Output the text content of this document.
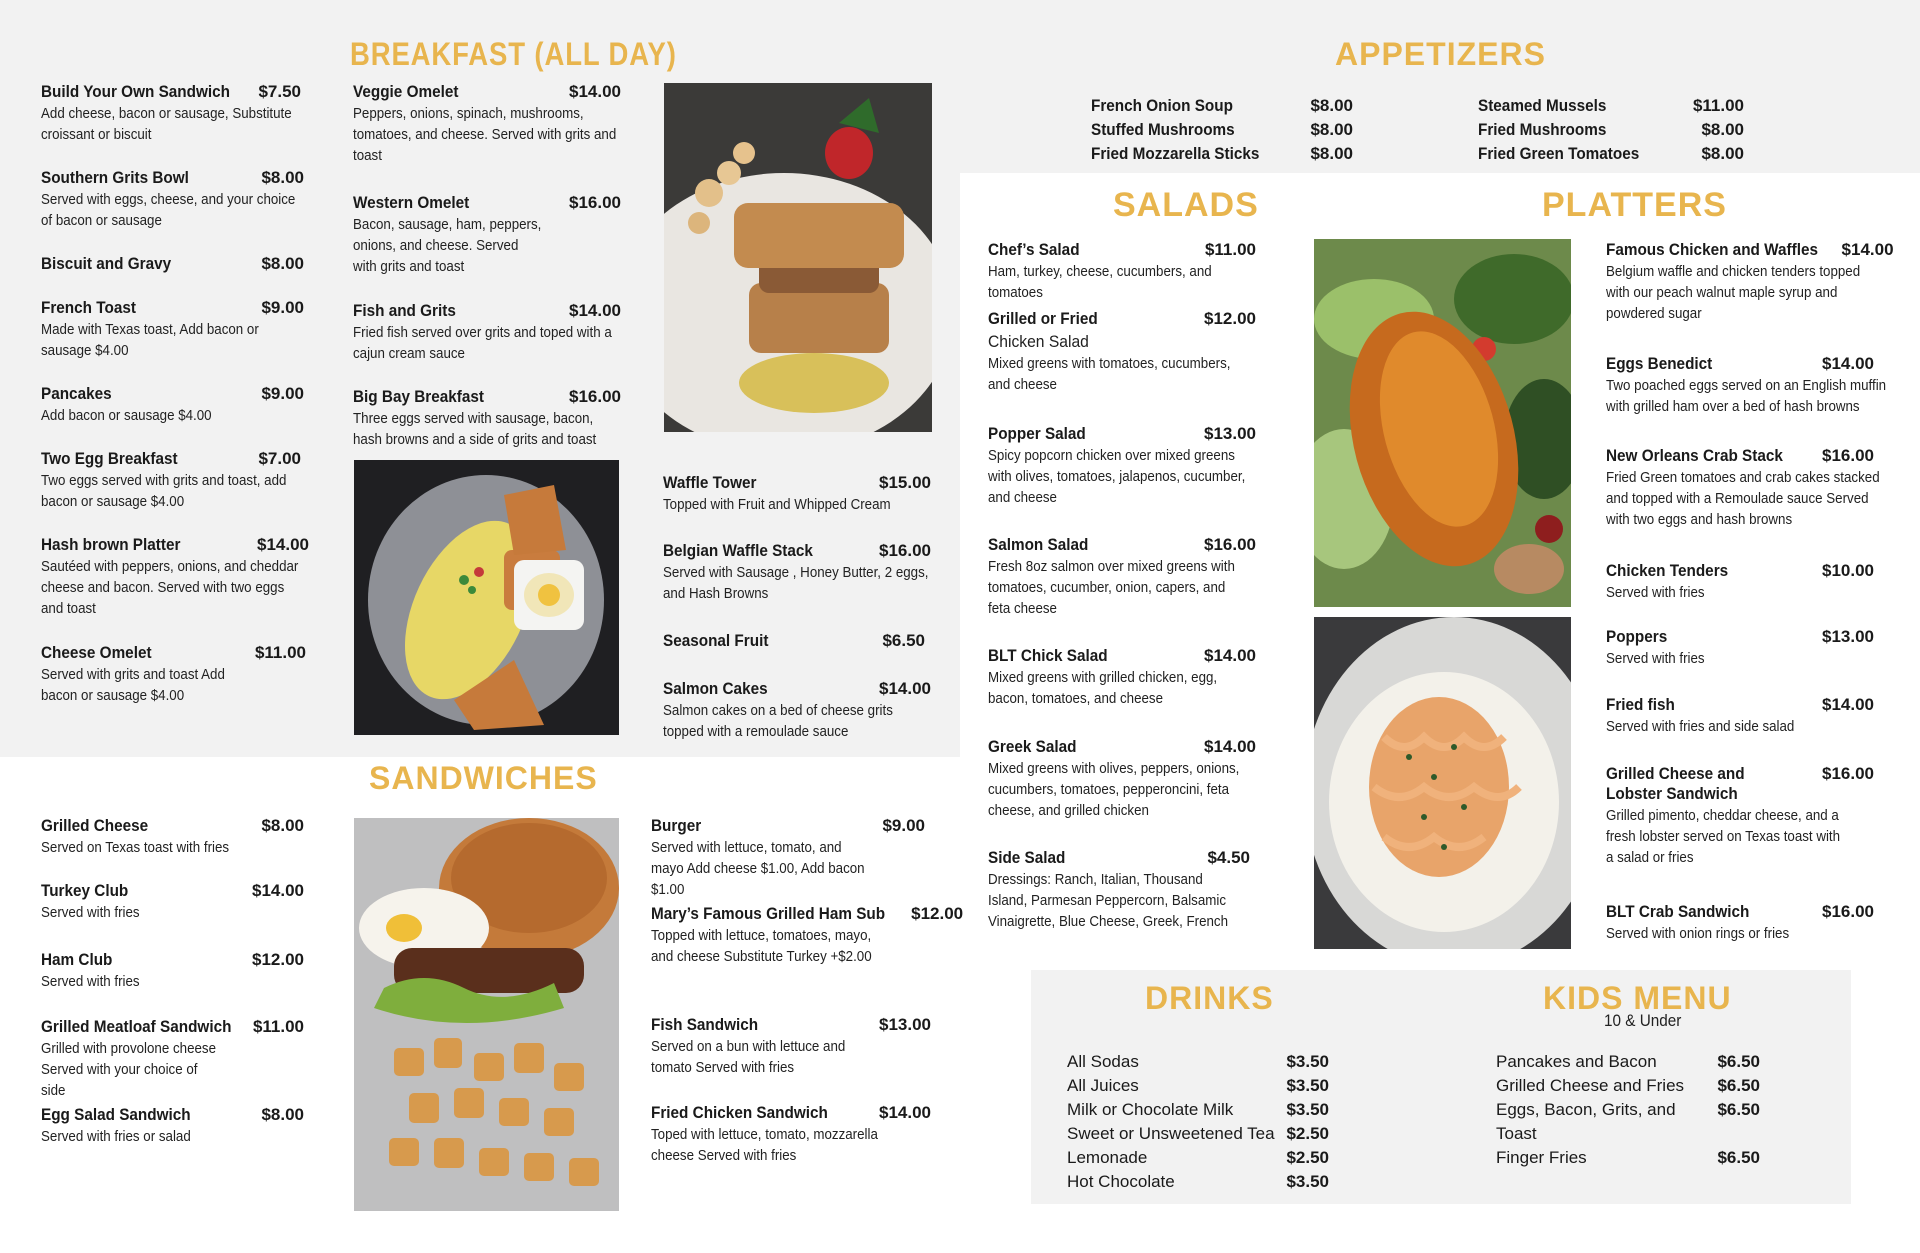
BREAKFAST (ALL DAY)
SANDWICHES
APPETIZERS
SALADS	PLATTERS
DRINKS	KIDS MENU
10 & Under
Build Your Own Sandwich $7.50
Add cheese, bacon or sausage, Substitute croissant or biscuit
Southern Grits Bowl	$8.00
Served with eggs, cheese, and your choice of bacon or sausage
Biscuit and Gravy	$8.00
French Toast	$9.00
Made with Texas toast, Add bacon or sausage $4.00
Pancakes	$9.00
Add bacon or sausage $4.00
Two Egg Breakfast	$7.00
Two eggs served with grits and toast, add bacon or sausage $4.00
Hash brown Platter	$14.00
Sautéed with peppers, onions, and cheddar cheese and bacon. Served with two eggs and toast
Cheese Omelet	$11.00
Served with grits and toast Add bacon or sausage $4.00
Veggie Omelet	$14.00
Peppers, onions, spinach, mushrooms, tomatoes, and cheese. Served with grits and toast
Western Omelet	$16.00
Bacon, sausage, ham, peppers, onions, and cheese. Served with grits and toast
Fish and Grits	$14.00
Fried fish served over grits and toped with a cajun cream sauce
Big Bay Breakfast	$16.00
Three eggs served with sausage, bacon, hash browns and a side of grits and toast
Waffle Tower	$15.00
Topped with Fruit and Whipped Cream
Belgian Waffle Stack	$16.00
Served with Sausage , Honey Butter, 2 eggs, and Hash Browns
Seasonal Fruit	$6.50
Salmon Cakes	$14.00
Salmon cakes on a bed of cheese grits topped with a remoulade sauce
Grilled Cheese	$8.00
Served on Texas toast with fries
Turkey Club	$14.00
Served with fries
Ham Club	$12.00
Served with fries
Grilled Meatloaf Sandwich $11.00
Grilled with provolone cheese Served with your choice of side
Egg Salad Sandwich	$8.00
Served with fries or salad
Burger	$9.00
Served with lettuce, tomato, and mayo Add cheese $1.00, Add bacon $1.00
Mary’s Famous Grilled Ham Sub $12.00
Topped with lettuce, tomatoes, mayo, and cheese Substitute Turkey +$2.00
Fish Sandwich	$13.00
Served on a bun with lettuce and tomato Served with fries
Fried Chicken Sandwich	$14.00
Toped with lettuce, tomato, mozzarella cheese Served with fries
French Onion Soup	$8.00
Stuffed Mushrooms	$8.00
Fried Mozzarella Sticks	$8.00
Steamed Mussels	$11.00
Fried Mushrooms	$8.00
Fried Green Tomatoes	$8.00
Chef’s Salad	$11.00
Ham, turkey, cheese, cucumbers, and tomatoes
Grilled or Fried	$12.00
Chicken Salad
Mixed greens with tomatoes, cucumbers, and cheese
Popper Salad	$13.00
Spicy popcorn chicken over mixed greens with olives, tomatoes, jalapenos, cucumber, and cheese
Salmon Salad	$16.00
Fresh 8oz salmon over mixed greens with tomatoes, cucumber, onion, capers, and feta cheese
BLT Chick Salad	$14.00
Mixed greens with grilled chicken, egg, bacon, tomatoes, and cheese
Greek Salad	$14.00
Mixed greens with olives, peppers, onions, cucumbers, tomatoes, pepperoncini, feta cheese, and grilled chicken
Side Salad	$4.50
Dressings: Ranch, Italian, Thousand Island, Parmesan Peppercorn, Balsamic Vinaigrette, Blue Cheese, Greek, French
Famous Chicken and Waffles $14.00
Belgium waffle and chicken tenders topped with our peach walnut maple syrup and powdered sugar
Eggs Benedict	$14.00
Two poached eggs served on an English muffin with grilled ham over a bed of hash browns
New Orleans Crab Stack $16.00
Fried Green tomatoes and crab cakes stacked and topped with a Remoulade sauce Served with two eggs and hash browns
Chicken Tenders	$10.00
Served with fries
Poppers	$13.00
Served with fries
Fried fish	$14.00
Served with fries and side salad
Grilled Cheese and Lobster Sandwich
$16.00
Grilled pimento, cheddar cheese, and a fresh lobster served on Texas toast with a salad or fries
BLT Crab Sandwich	$16.00
Served with onion rings or fries
All Sodas	$3.50
All Juices	$3.50
Milk or Chocolate Milk	$3.50
Sweet or Unsweetened Tea $2.50
Lemonade	$2.50
Hot Chocolate	$3.50
Pancakes and Bacon	$6.50
Grilled Cheese and Fries $6.50
Eggs, Bacon, Grits, and Toast
$6.50
Finger Fries	$6.50
